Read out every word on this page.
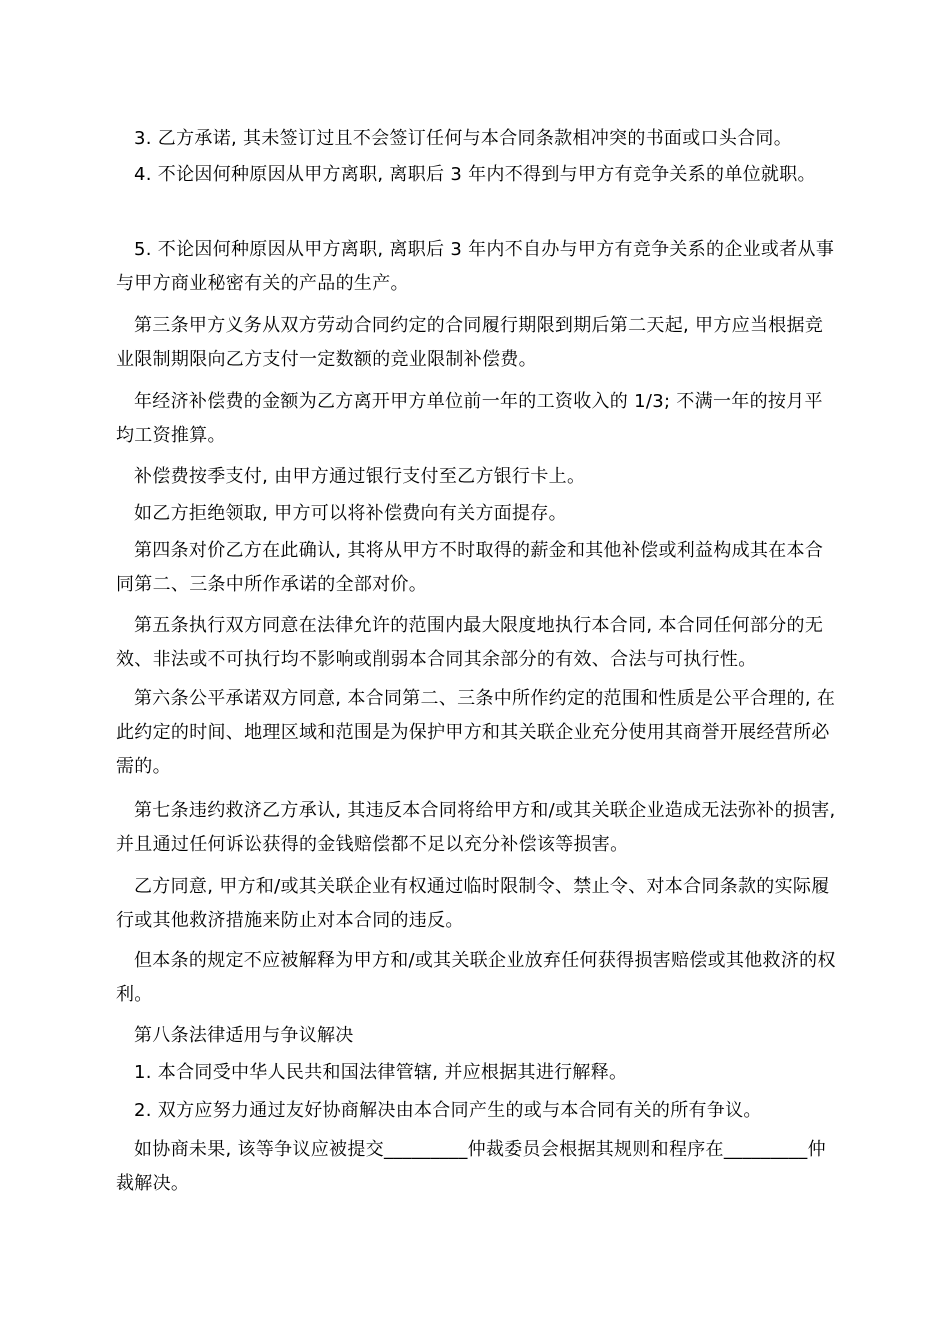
3. 乙方承诺, 其未签订过且不会签订任何与本合同条款相冲突的书面或口头合同。

4. 不论因何种原因从甲方离职, 离职后 3 年内不得到与甲方有竞争关系的单位就职。

5. 不论因何种原因从甲方离职, 离职后 3 年内不自办与甲方有竞争关系的企业或者从事与甲方商业秘密有关的产品的生产。

第三条甲方义务从双方劳动合同约定的合同履行期限到期后第二天起, 甲方应当根据竞业限制期限向乙方支付一定数额的竞业限制补偿费。

年经济补偿费的金额为乙方离开甲方单位前一年的工资收入的 1/3; 不满一年的按月平均工资推算。

补偿费按季支付, 由甲方通过银行支付至乙方银行卡上。

如乙方拒绝领取, 甲方可以将补偿费向有关方面提存。

第四条对价乙方在此确认, 其将从甲方不时取得的薪金和其他补偿或利益构成其在本合同第二、三条中所作承诺的全部对价。

第五条执行双方同意在法律允许的范围内最大限度地执行本合同, 本合同任何部分的无效、非法或不可执行均不影响或削弱本合同其余部分的有效、合法与可执行性。

第六条公平承诺双方同意, 本合同第二、三条中所作约定的范围和性质是公平合理的, 在此约定的时间、地理区域和范围是为保护甲方和其关联企业充分使用其商誉开展经营所必需的。

第七条违约救济乙方承认, 其违反本合同将给甲方和/或其关联企业造成无法弥补的损害, 并且通过任何诉讼获得的金钱赔偿都不足以充分补偿该等损害。

乙方同意, 甲方和/或其关联企业有权通过临时限制令、禁止令、对本合同条款的实际履行或其他救济措施来防止对本合同的违反。

但本条的规定不应被解释为甲方和/或其关联企业放弃任何获得损害赔偿或其他救济的权利。

第八条法律适用与争议解决

1. 本合同受中华人民共和国法律管辖, 并应根据其进行解释。

2. 双方应努力通过友好协商解决由本合同产生的或与本合同有关的所有争议。

如协商未果, 该等争议应被提交_________仲裁委员会根据其规则和程序在_________仲裁解决。
